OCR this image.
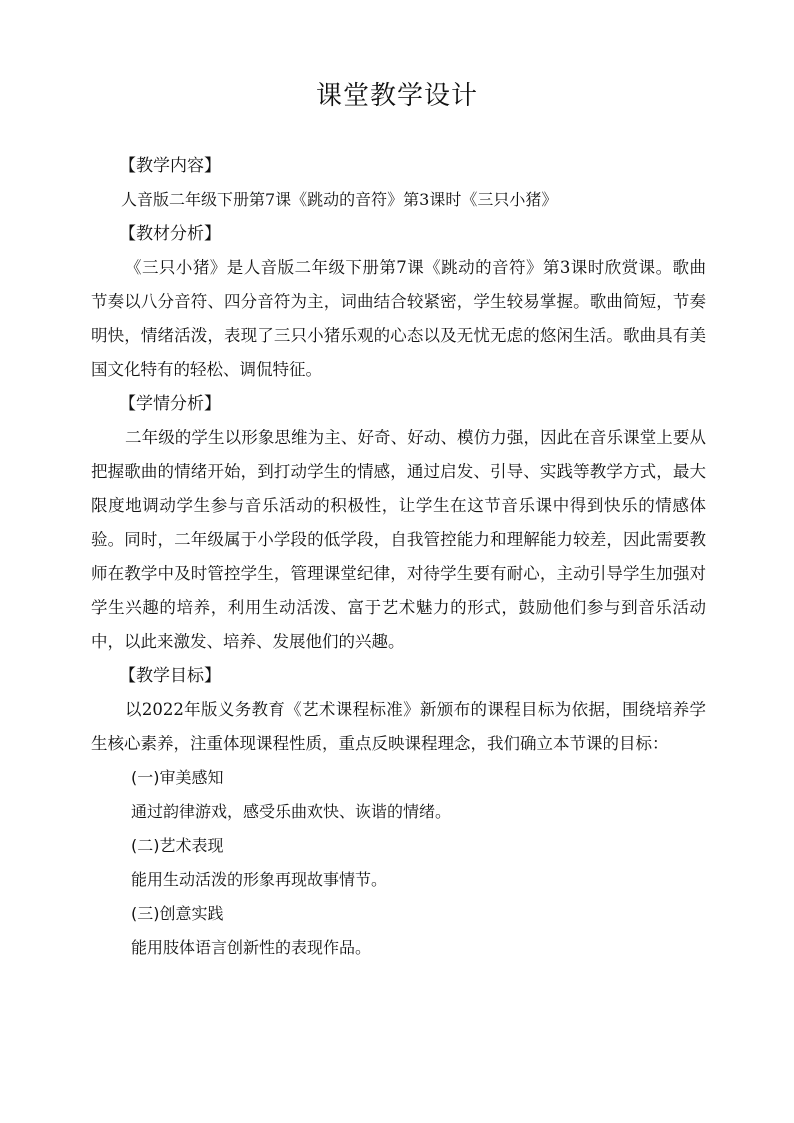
课堂教学设计
【教学内容】
人音版二年级下册第7课《跳动的音符》第3课时《三只小猪》
【教材分析】

《三只小猪》是人音版二年级下册第7课《跳动的音符》第3课时欣赏课。歌曲节奏以八分音符、四分音符为主，词曲结合较紧密，学生较易掌握。歌曲简短，节奏明快，情绪活泼，表现了三只小猪乐观的心态以及无忧无虑的悠闲生活。歌曲具有美国文化特有的轻松、调侃特征。

【学情分析】

二年级的学生以形象思维为主、好奇、好动、模仿力强，因此在音乐课堂上要从把握歌曲的情绪开始，到打动学生的情感，通过启发、引导、实践等教学方式，最大限度地调动学生参与音乐活动的积极性，让学生在这节音乐课中得到快乐的情感体验。同时，二年级属于小学段的低学段，自我管控能力和理解能力较差，因此需要教师在教学中及时管控学生，管理课堂纪律，对待学生要有耐心，主动引导学生加强对学生兴趣的培养，利用生动活泼、富于艺术魅力的形式，鼓励他们参与到音乐活动中，以此来激发、培养、发展他们的兴趣。

【教学目标】

以2022年版义务教育《艺术课程标准》新颁布的课程目标为依据，围绕培养学生核心素养，注重体现课程性质，重点反映课程理念，我们确立本节课的目标：

(一)审美感知
通过韵律游戏，感受乐曲欢快、诙谐的情绪。
(二)艺术表现
能用生动活泼的形象再现故事情节。
(三)创意实践
能用肢体语言创新性的表现作品。
